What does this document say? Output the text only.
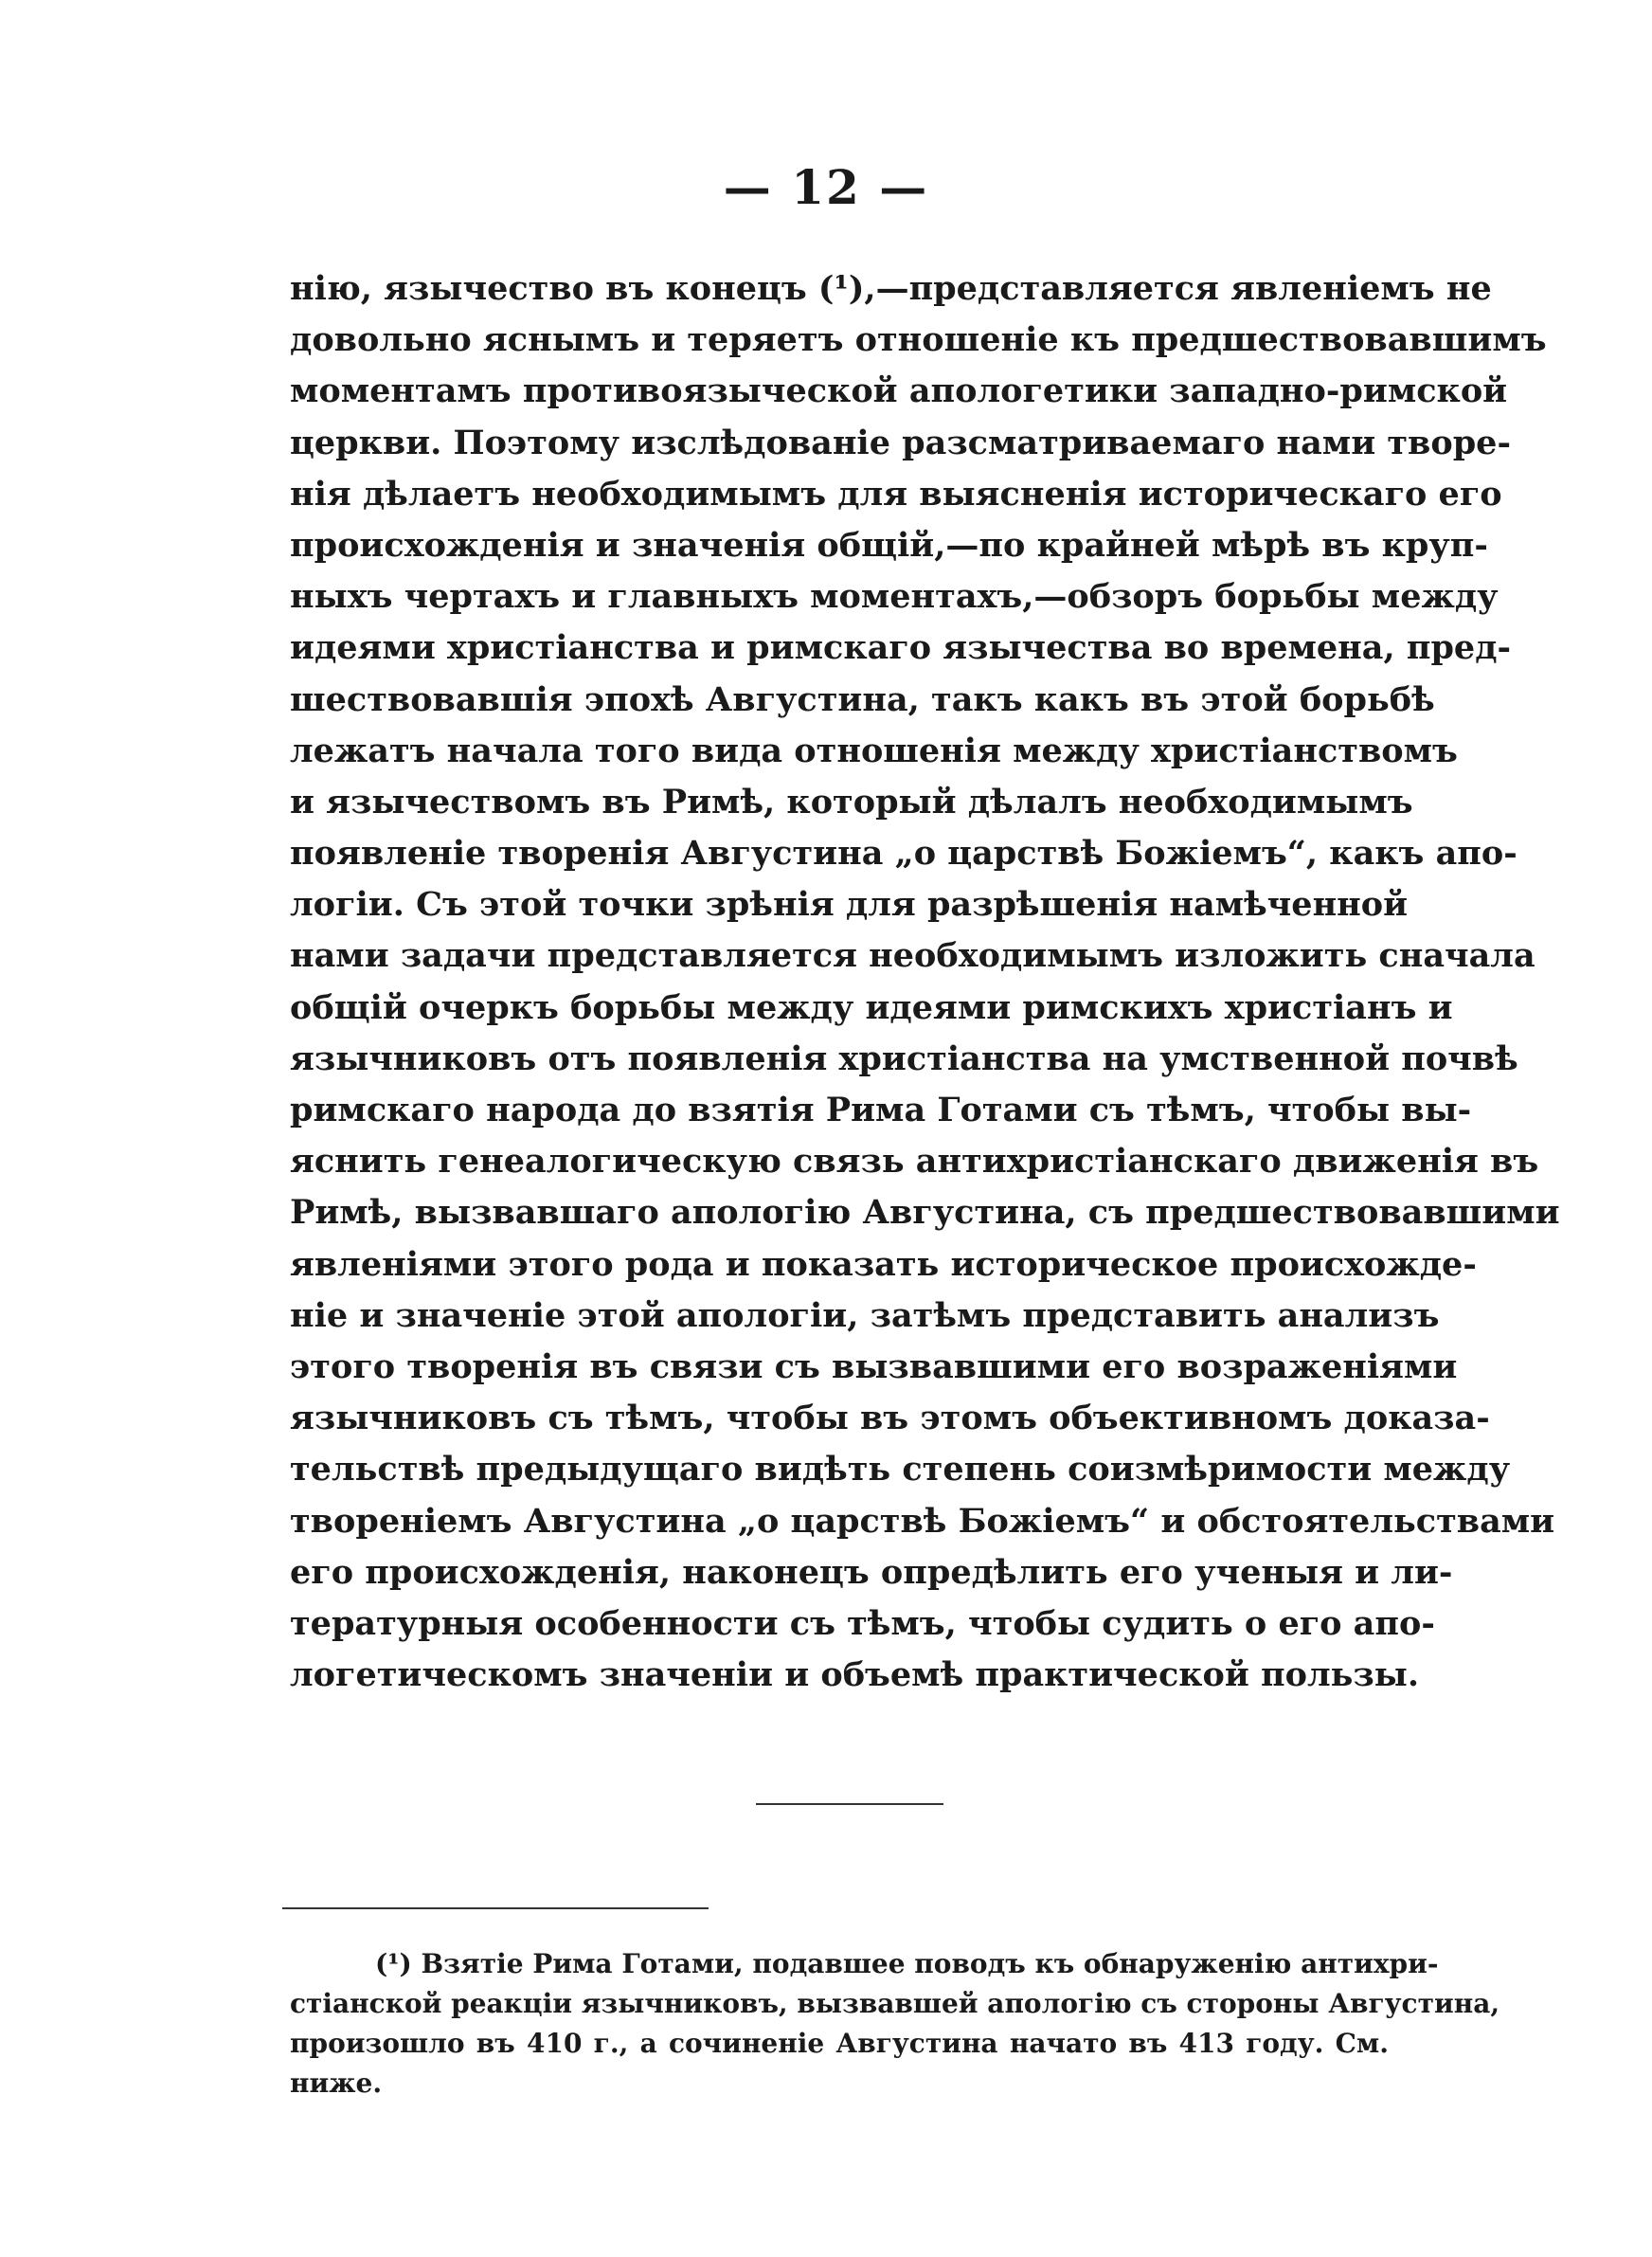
— 12 —
нію, язычество въ конецъ (¹),—представляется явленіемъ не
довольно яснымъ и теряетъ отношеніе къ предшествовавшимъ
моментамъ противоязыческой апологетики западно-римской
церкви. Поэтому изслѣдованіе разсматриваемаго нами творе-
нія дѣлаетъ необходимымъ для выясненія историческаго его
происхожденія и значенія общій,—по крайней мѣрѣ въ круп-
ныхъ чертахъ и главныхъ моментахъ,—обзоръ борьбы между
идеями христіанства и римскаго язычества во времена, пред-
шествовавшія эпохѣ Августина, такъ какъ въ этой борьбѣ
лежатъ начала того вида отношенія между христіанствомъ
и язычествомъ въ Римѣ, который дѣлалъ необходимымъ
появленіе творенія Августина „о царствѣ Божіемъ“, какъ апо-
логіи. Съ этой точки зрѣнія для разрѣшенія намѣченной
нами задачи представляется необходимымъ изложить сначала
общій очеркъ борьбы между идеями римскихъ христіанъ и
язычниковъ отъ появленія христіанства на умственной почвѣ
римскаго народа до взятія Рима Готами съ тѣмъ, чтобы вы-
яснить генеалогическую связь антихристіанскаго движенія въ
Римѣ, вызвавшаго апологію Августина, съ предшествовавшими
явленіями этого рода и показать историческое происхожде-
ніе и значеніе этой апологіи, затѣмъ представить анализъ
этого творенія въ связи съ вызвавшими его возраженіями
язычниковъ съ тѣмъ, чтобы въ этомъ объективномъ доказа-
тельствѣ предыдущаго видѣть степень соизмѣримости между
твореніемъ Августина „о царствѣ Божіемъ“ и обстоятельствами
его происхожденія, наконецъ опредѣлить его ученыя и ли-
тературныя особенности съ тѣмъ, чтобы судить о его апо-
логетическомъ значеніи и объемѣ практической пользы.
(¹) Взятіе Рима Готами, подавшее поводъ къ обнаруженію антихри-
стіанской реакціи язычниковъ, вызвавшей апологію съ стороны Августина,
произошло въ 410 г., а сочиненіе Августина начато въ 413 году. См.
ниже.
